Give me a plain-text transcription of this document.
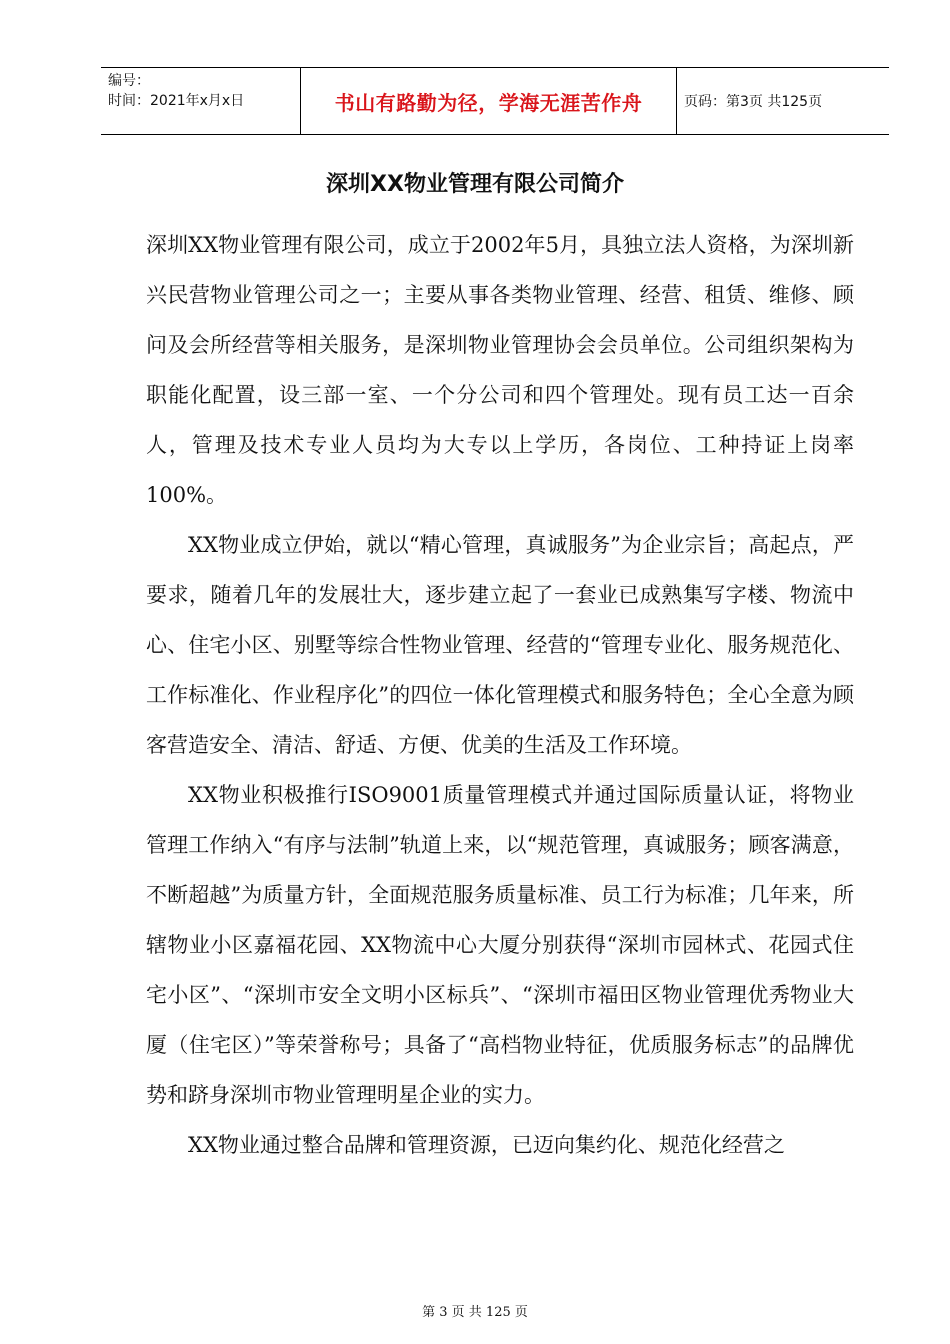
编号：
时间：2021年x月x日	书山有路勤为径，学海无涯苦作舟	页码：第3页 共125页
深圳XX物业管理有限公司简介

深圳XX物业管理有限公司，成立于2002年5月，具独立法人资格，为深圳新兴民营物业管理公司之一；主要从事各类物业管理、经营、租赁、维修、顾问及会所经营等相关服务，是深圳物业管理协会会员单位。公司组织架构为职能化配置，设三部一室、一个分公司和四个管理处。现有员工达一百余人，管理及技术专业人员均为大专以上学历，各岗位、工种持证上岗率100%。

XX物业成立伊始，就以“精心管理，真诚服务”为企业宗旨；高起点，严要求，随着几年的发展壮大，逐步建立起了一套业已成熟集写字楼、物流中心、住宅小区、别墅等综合性物业管理、经营的“管理专业化、服务规范化、工作标准化、作业程序化”的四位一体化管理模式和服务特色；全心全意为顾客营造安全、清洁、舒适、方便、优美的生活及工作环境。

XX物业积极推行ISO9001质量管理模式并通过国际质量认证，将物业管理工作纳入“有序与法制”轨道上来，以“规范管理，真诚服务；顾客满意，不断超越”为质量方针，全面规范服务质量标准、员工行为标准；几年来，所辖物业小区嘉福花园、XX物流中心大厦分别获得“深圳市园林式、花园式住宅小区”、“深圳市安全文明小区标兵”、“深圳市福田区物业管理优秀物业大厦（住宅区）”等荣誉称号；具备了“高档物业特征，优质服务标志”的品牌优势和跻身深圳市物业管理明星企业的实力。

XX物业通过整合品牌和管理资源，已迈向集约化、规范化经营之

第 3 页 共 125 页
